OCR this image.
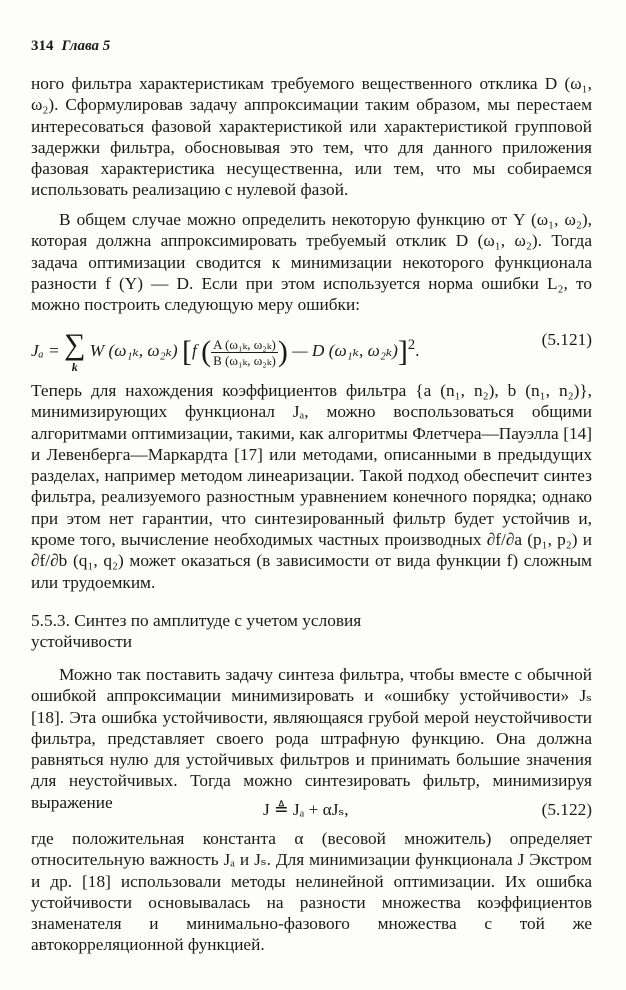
314 Глава 5
ного фильтра характеристикам требуемого вещественного отклика D (ω₁, ω₂). Сформулировав задачу аппроксимации таким образом, мы перестаем интересоваться фазовой характеристикой или характеристикой групповой задержки фильтра, обосновывая это тем, что для данного приложения фазовая характеристика несущественна, или тем, что мы собираемся использовать реализацию с нулевой фазой.
В общем случае можно определить некоторую функцию от Y (ω₁, ω₂), которая должна аппроксимировать требуемый отклик D (ω₁, ω₂). Тогда задача оптимизации сводится к минимизации некоторого функционала разности f (Y) — D. Если при этом используется норма ошибки L₂, то можно построить следующую меру ошибки:
Jₐ = ∑
k
W (ω₁ₖ, ω₂ₖ) [f ( $\frac{\text{A (ω₁ₖ, ω₂ₖ)}}{\text{B (ω₁ₖ, ω₂ₖ)}}$ ) — D (ω₁ₖ, ω₂ₖ)]$^2$.
(5.121)
Теперь для нахождения коэффициентов фильтра {a (n₁, n₂), b (n₁, n₂)}, минимизирующих функционал Jₐ, можно воспользоваться общими алгоритмами оптимизации, такими, как алгоритмы Флетчера—Пауэлла [14] и Левенберга—Маркардта [17] или методами, описанными в предыдущих разделах, например методом линеаризации. Такой подход обеспечит синтез фильтра, реализуемого разностным уравнением конечного порядка; однако при этом нет гарантии, что синтезированный фильтр будет устойчив и, кроме того, вычисление необходимых частных производных ∂f/∂a (p₁, p₂) и ∂f/∂b (q₁, q₂) может оказаться (в зависимости от вида функции f) сложным или трудоемким.
5.5.3. Синтез по амплитуде с учетом условия устойчивости
Можно так поставить задачу синтеза фильтра, чтобы вместе с обычной ошибкой аппроксимации минимизировать и «ошибку устойчивости» Jₛ [18]. Эта ошибка устойчивости, являющаяся грубой мерой неустойчивости фильтра, представляет своего рода штрафную функцию. Она должна равняться нулю для устойчивых фильтров и принимать большие значения для неустойчивых. Тогда можно синтезировать фильтр, минимизируя выражение	J ≜ Jₐ + αJₛ,	(5.122)
где положительная константа α (весовой множитель) определяет относительную важность Jₐ и Jₛ. Для минимизации функционала J Экстром и др. [18] использовали методы нелинейной оптимизации. Их ошибка устойчивости основывалась на разности множества коэффициентов знаменателя и минимально-фазового множества с той же автокорреляционной функцией.
